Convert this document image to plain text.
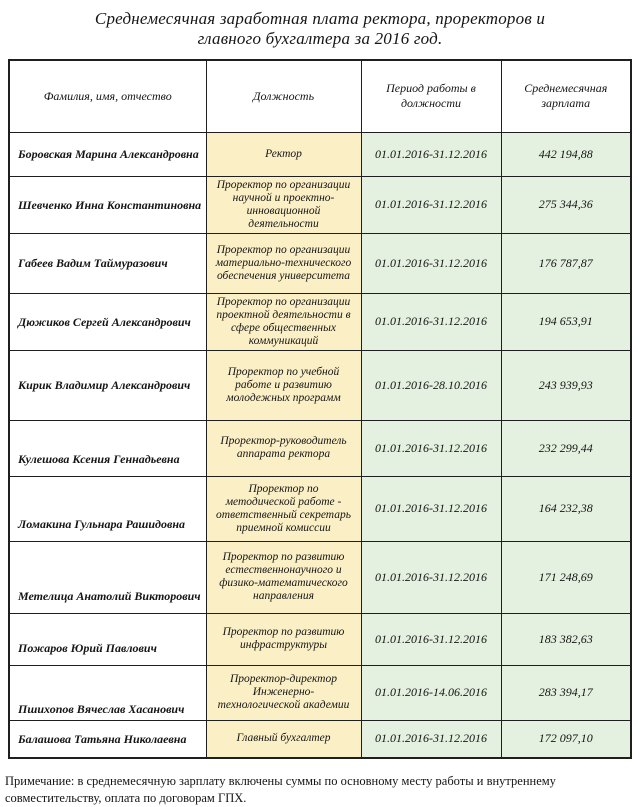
Среднемесячная заработная плата ректора, проректоров и
главного бухгалтера за 2016 год.
Фамилия, имя, отчество	Должность	Период работы в должности	Среднемесячная зарплата
Боровская Марина Александровна	Ректор	01.01.2016-31.12.2016	442 194,88
Шевченко Инна Константиновна	Проректор по организации научной и проектно-инновационной деятельности	01.01.2016-31.12.2016	275 344,36
Габеев Вадим Таймуразович	Проректор по организации материально-технического обеспечения университета	01.01.2016-31.12.2016	176 787,87
Дюжиков Сергей Александрович	Проректор по организации проектной деятельности в сфере общественных коммуникаций	01.01.2016-31.12.2016	194 653,91
Кирик Владимир Александрович	Проректор по учебной работе и развитию молодежных программ	01.01.2016-28.10.2016	243 939,93
Кулешова Ксения Геннадьевна	Проректор-руководитель аппарата ректора	01.01.2016-31.12.2016	232 299,44
Ломакина Гульнара Рашидовна	Проректор по методической работе - ответственный секретарь приемной комиссии	01.01.2016-31.12.2016	164 232,38
Метелица Анатолий Викторович	Проректор по развитию естественнонаучного и физико-математического направления	01.01.2016-31.12.2016	171 248,69
Пожаров Юрий Павлович	Проректор по развитию инфраструктуры	01.01.2016-31.12.2016	183 382,63
Пшихопов Вячеслав Хасанович	Проректор-директор Инженерно-технологической академии	01.01.2016-14.06.2016	283 394,17
Балашова Татьяна Николаевна	Главный бухгалтер	01.01.2016-31.12.2016	172 097,10
Примечание: в среднемесячную зарплату включены суммы по основному месту работы и внутреннему совместительству, оплата по договорам ГПХ.
